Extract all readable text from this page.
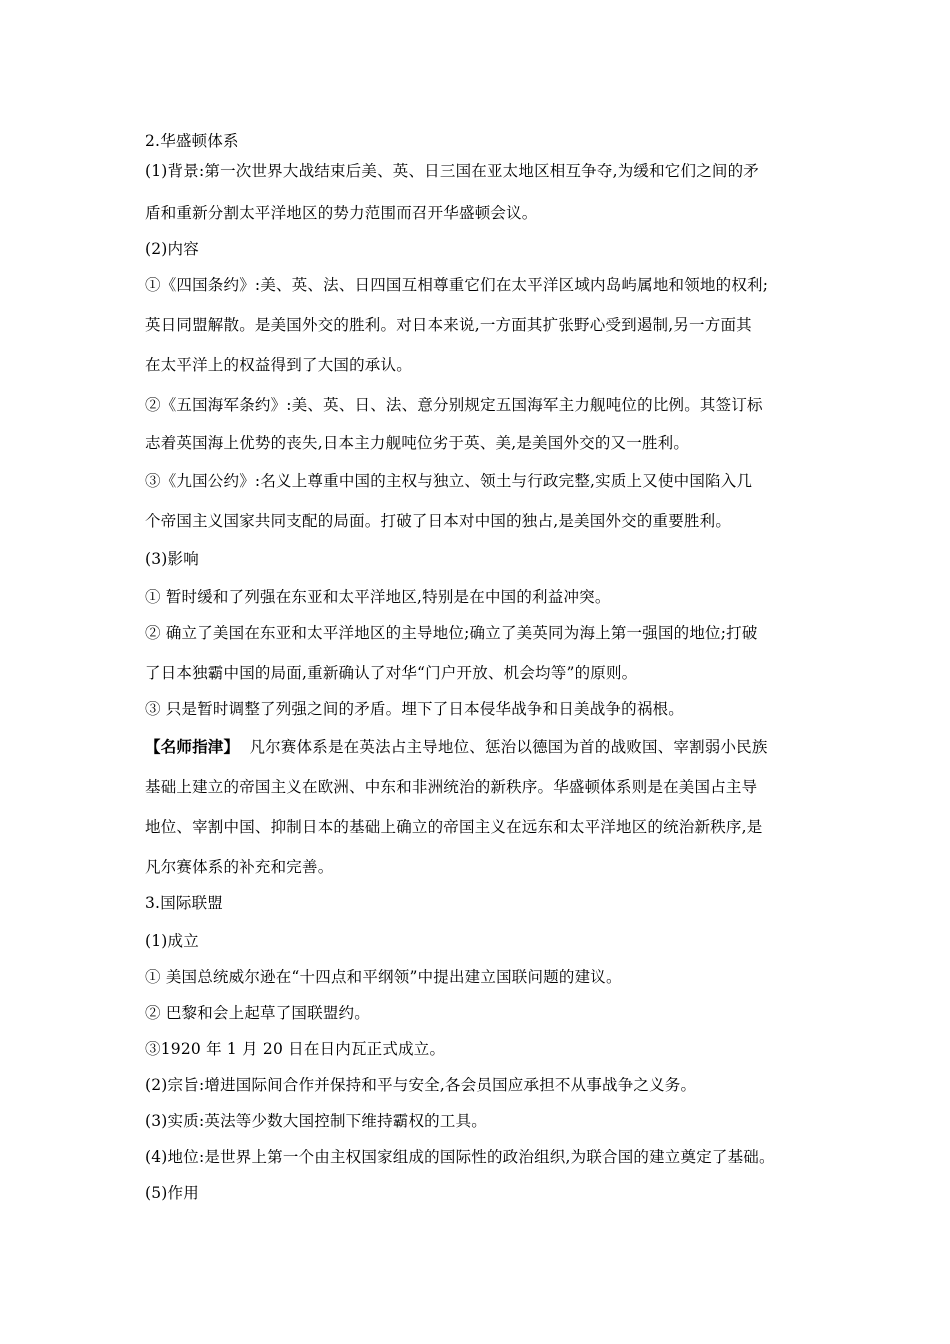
2.华盛顿体系
(1)背景:第一次世界大战结束后美、英、日三国在亚太地区相互争夺,为缓和它们之间的矛
盾和重新分割太平洋地区的势力范围而召开华盛顿会议。
(2)内容
①《四国条约》:美、英、法、日四国互相尊重它们在太平洋区域内岛屿属地和领地的权利;
英日同盟解散。是美国外交的胜利。对日本来说,一方面其扩张野心受到遏制,另一方面其
在太平洋上的权益得到了大国的承认。
②《五国海军条约》:美、英、日、法、意分别规定五国海军主力舰吨位的比例。其签订标
志着英国海上优势的丧失,日本主力舰吨位劣于英、美,是美国外交的又一胜利。
③《九国公约》:名义上尊重中国的主权与独立、领土与行政完整,实质上又使中国陷入几
个帝国主义国家共同支配的局面。打破了日本对中国的独占,是美国外交的重要胜利。
(3)影响
① 暂时缓和了列强在东亚和太平洋地区,特别是在中国的利益冲突。
② 确立了美国在东亚和太平洋地区的主导地位;确立了美英同为海上第一强国的地位;打破
了日本独霸中国的局面,重新确认了对华“门户开放、机会均等”的原则。
③ 只是暂时调整了列强之间的矛盾。埋下了日本侵华战争和日美战争的祸根。
【名师指津】 凡尔赛体系是在英法占主导地位、惩治以德国为首的战败国、宰割弱小民族
基础上建立的帝国主义在欧洲、中东和非洲统治的新秩序。华盛顿体系则是在美国占主导
地位、宰割中国、抑制日本的基础上确立的帝国主义在远东和太平洋地区的统治新秩序,是
凡尔赛体系的补充和完善。
3.国际联盟
(1)成立
① 美国总统威尔逊在“十四点和平纲领”中提出建立国联问题的建议。
② 巴黎和会上起草了国联盟约。
③1920 年 1 月 20 日在日内瓦正式成立。
(2)宗旨:增进国际间合作并保持和平与安全,各会员国应承担不从事战争之义务。
(3)实质:英法等少数大国控制下维持霸权的工具。
(4)地位:是世界上第一个由主权国家组成的国际性的政治组织,为联合国的建立奠定了基础。
(5)作用
